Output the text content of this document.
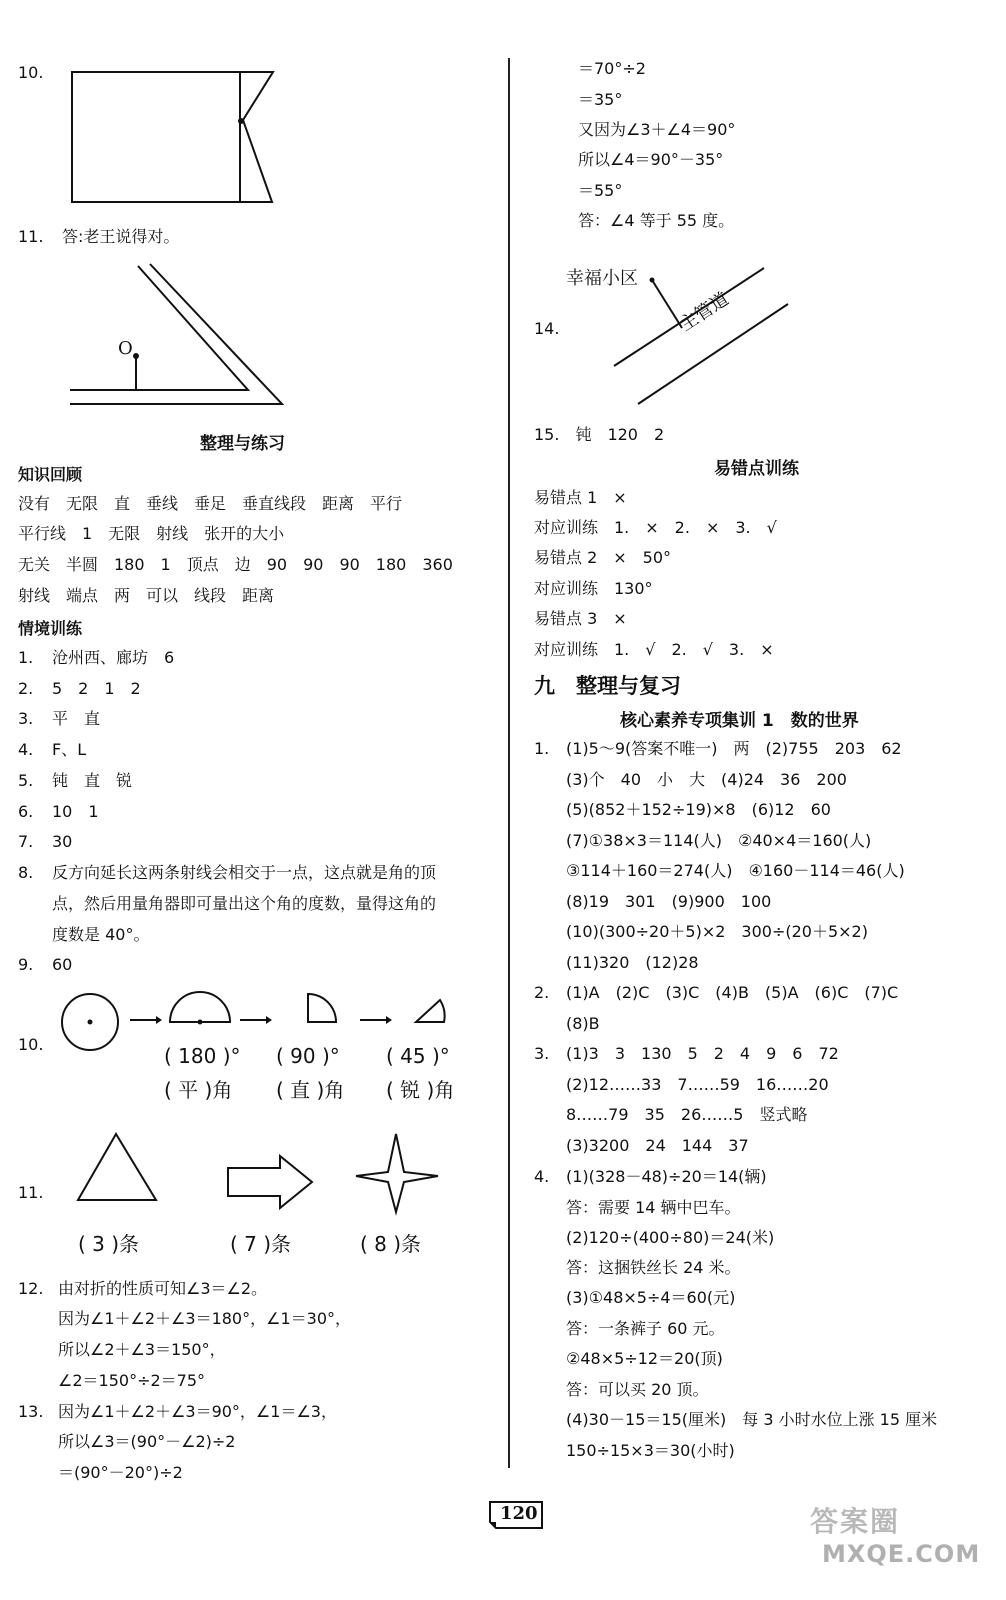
10.
11. 答:老王说得对。
O
整理与练习
知识回顾
没有　无限　直　垂线　垂足　垂直线段　距离　平行
平行线　1　无限　射线　张开的大小
无关　半圆　180　1　顶点　边　90　90　90　180　360
射线　端点　两　可以　线段　距离
情境训练
1. 沧州西、廊坊　6
2. 5　2　1　2
3. 平　直
4. F、L
5. 钝　直　锐
6. 10　1
7. 30
8. 反方向延长这两条射线会相交于一点，这点就是角的顶
点，然后用量角器即可量出这个角的度数，量得这角的
度数是 40°。
9. 60
10.	( 180 )° ( 90 )° ( 45 )°
( 平 )角 ( 直 )角 ( 锐 )角
11.
( 3 )条	( 7 )条	( 8 )条
12. 由对折的性质可知∠3＝∠2。
因为∠1＋∠2＋∠3＝180°，∠1＝30°，
所以∠2＋∠3＝150°，
∠2＝150°÷2＝75°
13. 因为∠1＋∠2＋∠3＝90°，∠1＝∠3，
所以∠3＝(90°－∠2)÷2
＝(90°－20°)÷2
＝70°÷2
＝35°
又因为∠3＋∠4＝90°
所以∠4＝90°－35°
＝55°
答：∠4 等于 55 度。
14.
幸福小区
主管道
15.　钝　120　2
易错点训练
易错点 1　×
对应训练　1.　×　2.　×　3.　√
易错点 2　×　50°
对应训练　130°
易错点 3　×
对应训练　1.　√　2.　√　3.　×
九　整理与复习
核心素养专项集训 1　数的世界
1. (1)5～9(答案不唯一)　两　(2)755　203　62
(3)个　40　小　大　(4)24　36　200
(5)(852＋152÷19)×8　(6)12　60
(7)①38×3＝114(人)　②40×4＝160(人)
③114＋160＝274(人)　④160－114＝46(人)
(8)19　301　(9)900　100
(10)(300÷20＋5)×2　300÷(20＋5×2)
(11)320　(12)28
2. (1)A　(2)C　(3)C　(4)B　(5)A　(6)C　(7)C
(8)B
3. (1)3　3　130　5　2　4　9　6　72
(2)12……33　7……59　16……20
8……79　35　26……5　竖式略
(3)3200　24　144　37
4. (1)(328－48)÷20＝14(辆)
答：需要 14 辆中巴车。
(2)120÷(400÷80)＝24(米)
答：这捆铁丝长 24 米。
(3)①48×5÷4＝60(元)
答：一条裤子 60 元。
②48×5÷12＝20(顶)
答：可以买 20 顶。
(4)30－15＝15(厘米)　每 3 小时水位上涨 15 厘米
150÷15×3＝30(小时)
120	答案圈
MXQE.COM
